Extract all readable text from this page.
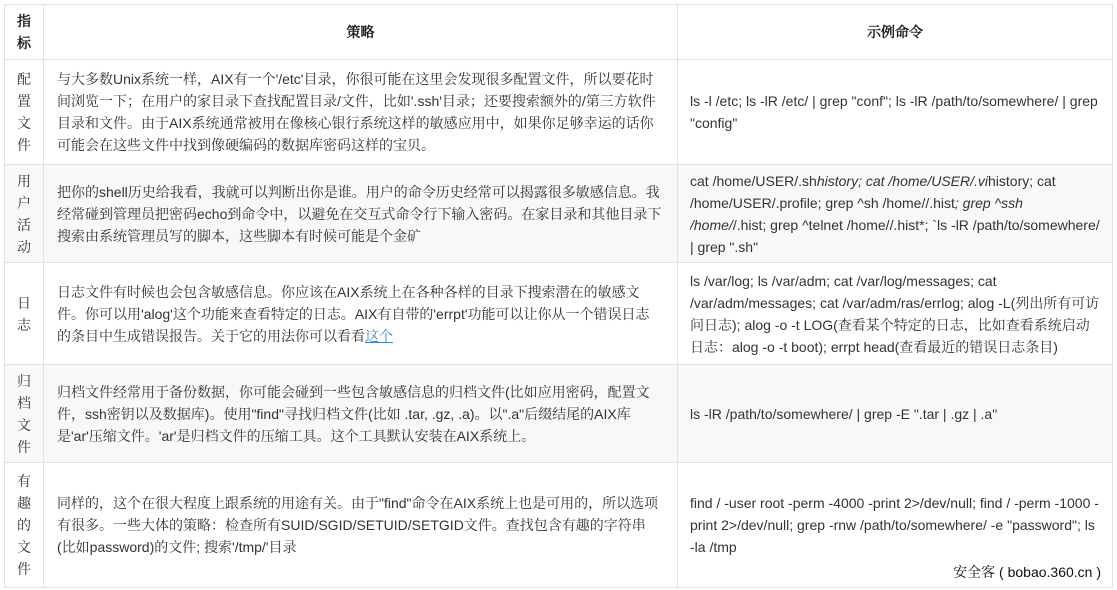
指标
策略	示例命令
配置文件
与大多数Unix系统一样，AIX有一个'/etc'目录，你很可能在这里会发现很多配置文件，所以要花时
间浏览一下；在用户的家目录下查找配置目录/文件，比如'.ssh'目录；还要搜索额外的/第三方软件
目录和文件。由于AIX系统通常被用在像核心银行系统这样的敏感应用中，如果你足够幸运的话你
可能会在这些文件中找到像硬编码的数据库密码这样的宝贝。
ls -l /etc; ls -lR /etc/ | grep "conf"; ls -lR /path/to/somewhere/ | grep
"config"
用户活动
把你的shell历史给我看，我就可以判断出你是谁。用户的命令历史经常可以揭露很多敏感信息。我
经常碰到管理员把密码echo到命令中，以避免在交互式命令行下输入密码。在家目录和其他目录下
搜索由系统管理员写的脚本，这些脚本有时候可能是个金矿
cat /home/USER/.shhistory; cat /home/USER/.vihistory; cat
/home/USER/.profile; grep ^sh /home//.hist; grep ^ssh
/home//.hist; grep ^telnet /home//.hist*; `ls -lR /path/to/somewhere/
| grep ".sh"
日志
日志文件有时候也会包含敏感信息。你应该在AIX系统上在各种各样的目录下搜索潜在的敏感文
件。你可以用'alog'这个功能来查看特定的日志。AIX有自带的'errpt'功能可以让你从一个错误日志
的条目中生成错误报告。关于它的用法你可以看看这个
ls /var/log; ls /var/adm; cat /var/log/messages; cat
/var/adm/messages; cat /var/adm/ras/errlog; alog -L(列出所有可访
问日志); alog -o -t LOG(查看某个特定的日志，比如查看系统启动
日志：alog -o -t boot); errpt head(查看最近的错误日志条目)
归档文件
归档文件经常用于备份数据，你可能会碰到一些包含敏感信息的归档文件(比如应用密码，配置文
件，ssh密钥以及数据库)。使用"find"寻找归档文件(比如 .tar, .gz, .a)。以".a"后缀结尾的AIX库
是'ar'压缩文件。'ar'是归档文件的压缩工具。这个工具默认安装在AIX系统上。
ls -lR /path/to/somewhere/ | grep -E ".tar | .gz | .a"
有趣的文件
同样的，这个在很大程度上跟系统的用途有关。由于"find"命令在AIX系统上也是可用的，所以选项
有很多。一些大体的策略：检查所有SUID/SGID/SETUID/SETGID文件。查找包含有趣的字符串
(比如password)的文件; 搜索'/tmp/'目录
find / -user root -perm -4000 -print 2>/dev/null; find / -perm -1000 -
print 2>/dev/null; grep -rnw /path/to/somewhere/ -e "password"; ls
-la /tmp
安全客 ( bobao.360.cn )
